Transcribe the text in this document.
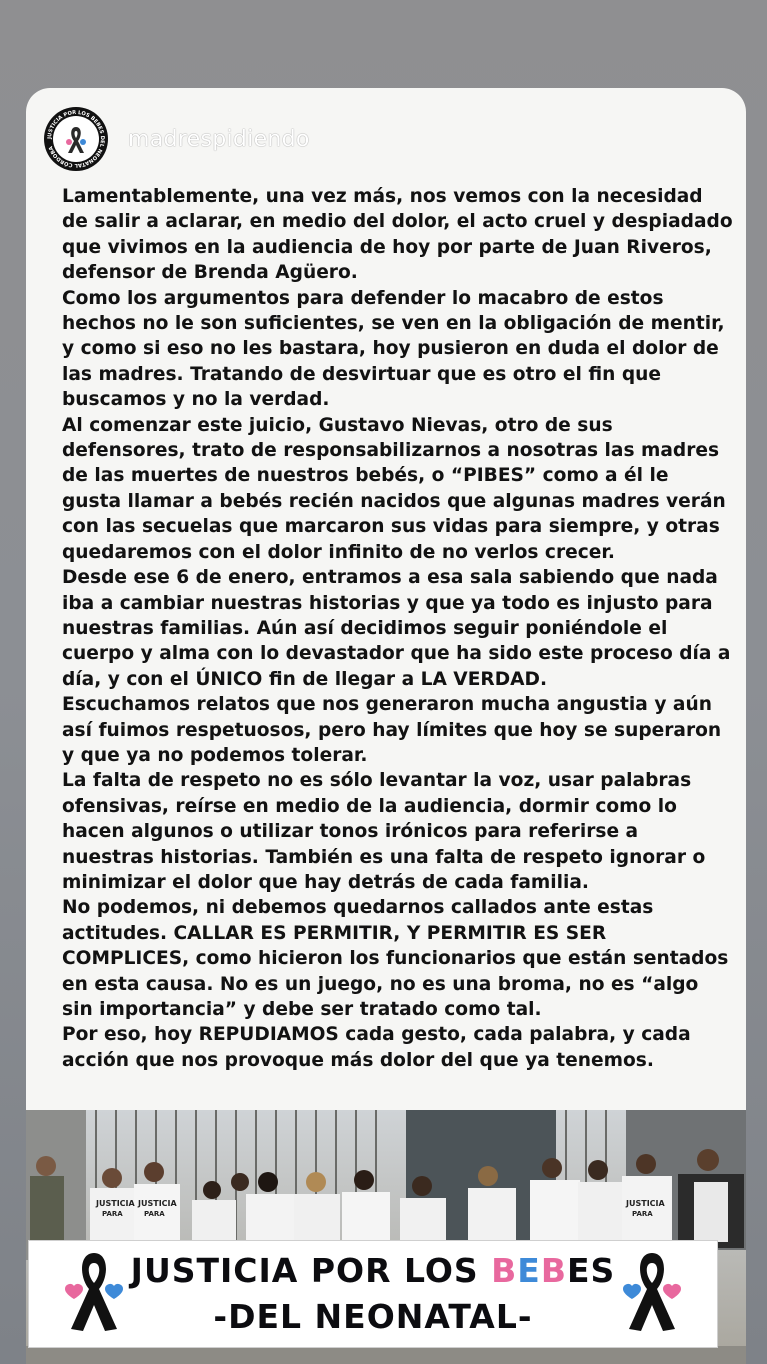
JUSTICIA POR LOS BEBES DEL NEONATAL CÓRDOBA	madrespidiendo

Lamentablemente, una vez más, nos vemos con la necesidad de salir a aclarar, en medio del dolor, el acto cruel y despiadado que vivimos en la audiencia de hoy por parte de Juan Riveros, defensor de Brenda Agüero.

Como los argumentos para defender lo macabro de estos hechos no le son suficientes, se ven en la obligación de mentir, y como si eso no les bastara, hoy pusieron en duda el dolor de las madres. Tratando de desvirtuar que es otro el fin que buscamos y no la verdad.

Al comenzar este juicio, Gustavo Nievas, otro de sus defensores, trato de responsabilizarnos a nosotras las madres de las muertes de nuestros bebés, o “PIBES” como a él le gusta llamar a bebés recién nacidos que algunas madres verán con las secuelas que marcaron sus vidas para siempre, y otras quedaremos con el dolor infinito de no verlos crecer.

Desde ese 6 de enero, entramos a esa sala sabiendo que nada iba a cambiar nuestras historias y que ya todo es injusto para nuestras familias. Aún así decidimos seguir poniéndole el cuerpo y alma con lo devastador que ha sido este proceso día a día, y con el ÚNICO fin de llegar a LA VERDAD.

Escuchamos relatos que nos generaron mucha angustia y aún así fuimos respetuosos, pero hay límites que hoy se superaron y que ya no podemos tolerar.

La falta de respeto no es sólo levantar la voz, usar palabras ofensivas, reírse en medio de la audiencia, dormir como lo hacen algunos o utilizar tonos irónicos para referirse a nuestras historias. También es una falta de respeto ignorar o minimizar el dolor que hay detrás de cada familia.

No podemos, ni debemos quedarnos callados ante estas actitudes. CALLAR ES PERMITIR, Y PERMITIR ES SER COMPLICES, como hicieron los funcionarios que están sentados en esta causa. No es un juego, no es una broma, no es “algo sin importancia” y debe ser tratado como tal.

Por eso, hoy REPUDIAMOS cada gesto, cada palabra, y cada acción que nos provoque más dolor del que ya tenemos.

JUSTICIA
PARA
JUSTICIA
PARA
JUSTICIA
PARA
JUSTICIA POR LOS BEBES
-DEL NEONATAL-
